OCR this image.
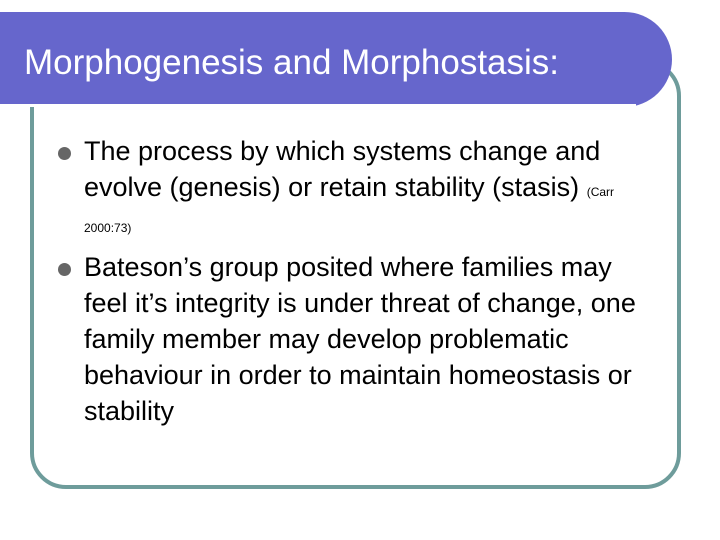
Morphogenesis and Morphostasis:
The process by which systems change and evolve (genesis) or retain stability (stasis) (Carr 2000:73)
Bateson’s group posited where families may feel it’s integrity is under threat of change, one family member may develop problematic behaviour in order to maintain homeostasis or stability
